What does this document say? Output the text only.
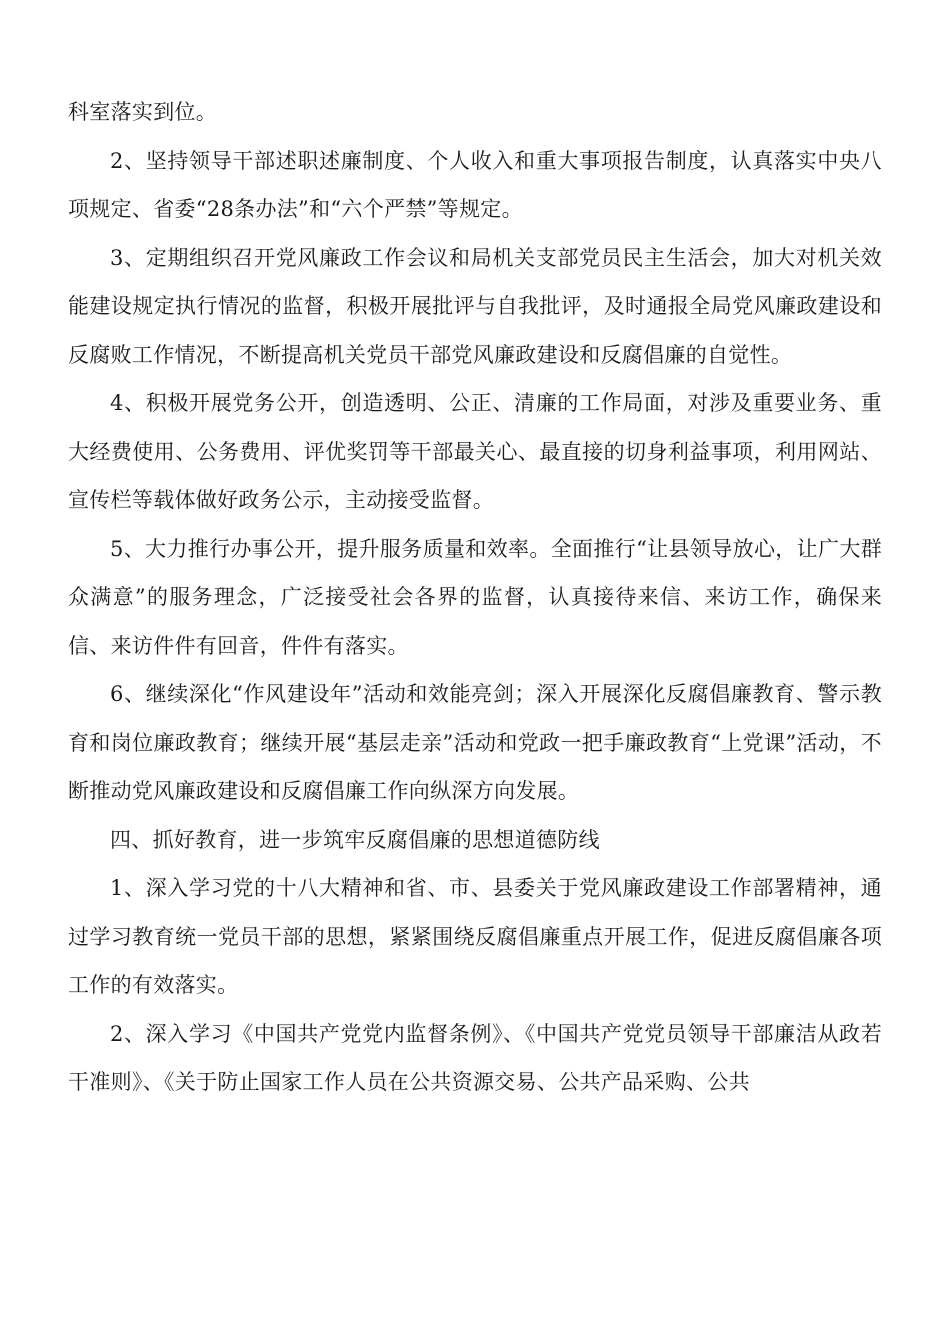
科室落实到位。

2、坚持领导干部述职述廉制度、个人收入和重大事项报告制度，认真落实中央八项规定、省委“28条办法”和“六个严禁”等规定。

3、定期组织召开党风廉政工作会议和局机关支部党员民主生活会，加大对机关效能建设规定执行情况的监督，积极开展批评与自我批评，及时通报全局党风廉政建设和反腐败工作情况，不断提高机关党员干部党风廉政建设和反腐倡廉的自觉性。

4、积极开展党务公开，创造透明、公正、清廉的工作局面，对涉及重要业务、重大经费使用、公务费用、评优奖罚等干部最关心、最直接的切身利益事项，利用网站、宣传栏等载体做好政务公示，主动接受监督。

5、大力推行办事公开，提升服务质量和效率。全面推行“让县领导放心，让广大群众满意”的服务理念，广泛接受社会各界的监督，认真接待来信、来访工作，确保来信、来访件件有回音，件件有落实。

6、继续深化“作风建设年”活动和效能亮剑；深入开展深化反腐倡廉教育、警示教育和岗位廉政教育；继续开展“基层走亲”活动和党政一把手廉政教育“上党课”活动，不断推动党风廉政建设和反腐倡廉工作向纵深方向发展。

四、抓好教育，进一步筑牢反腐倡廉的思想道德防线

1、深入学习党的十八大精神和省、市、县委关于党风廉政建设工作部署精神，通过学习教育统一党员干部的思想，紧紧围绕反腐倡廉重点开展工作，促进反腐倡廉各项工作的有效落实。

2、深入学习《中国共产党党内监督条例》、《中国共产党党员领导干部廉洁从政若干准则》、《关于防止国家工作人员在公共资源交易、公共产品采购、公共
